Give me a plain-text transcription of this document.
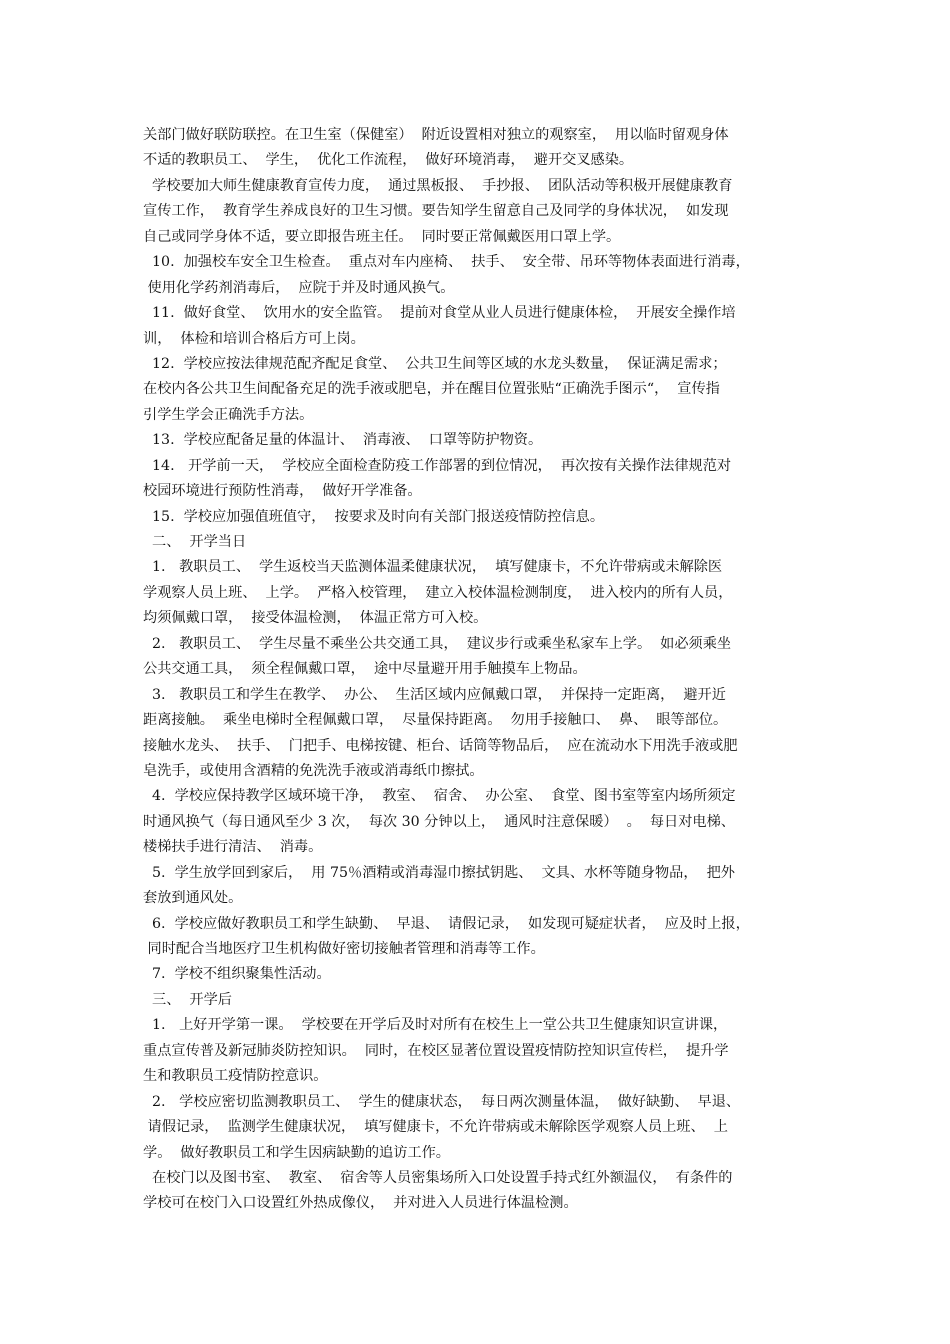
关部门做好联防联控。在卫生室（保健室）  附近设置相对独立的观察室，  用以临时留观身体
不适的教职员工、  学生，  优化工作流程，  做好环境消毒，  避开交叉感染。
学校要加大师生健康教育宣传力度，  通过黑板报、  手抄报、  团队活动等积极开展健康教育
宣传工作，  教育学生养成良好的卫生习惯。要告知学生留意自己及同学的身体状况，  如发现
自己或同学身体不适，要立即报告班主任。  同时要正常佩戴医用口罩上学。
10.  加强校车安全卫生检查。  重点对车内座椅、  扶手、  安全带、吊环等物体表面进行消毒，
使用化学药剂消毒后，  应院于并及时通风换气。
11.  做好食堂、  饮用水的安全监管。  提前对食堂从业人员进行健康体检，  开展安全操作培
训，  体检和培训合格后方可上岗。
12.  学校应按法律规范配齐配足食堂、  公共卫生间等区域的水龙头数量，  保证满足需求；
在校内各公共卫生间配备充足的洗手液或肥皂，并在醒目位置张贴“正确洗手图示“，  宣传指
引学生学会正确洗手方法。
13.  学校应配备足量的体温计、  消毒液、  口罩等防护物资。
14.   开学前一天，  学校应全面检查防疫工作部署的到位情况，  再次按有关操作法律规范对
校园环境进行预防性消毒，  做好开学准备。
15.  学校应加强值班值守，  按要求及时向有关部门报送疫情防控信息。
二、  开学当日
1.   教职员工、  学生返校当天监测体温柔健康状况，  填写健康卡，不允许带病或未解除医
学观察人员上班、  上学。  严格入校管理，  建立入校体温检测制度，  进入校内的所有人员，
均须佩戴口罩，  接受体温检测，  体温正常方可入校。
2.   教职员工、  学生尽量不乘坐公共交通工具，  建议步行或乘坐私家车上学。  如必须乘坐
公共交通工具，  须全程佩戴口罩，  途中尽量避开用手触摸车上物品。
3.   教职员工和学生在教学、  办公、  生活区域内应佩戴口罩，  并保持一定距离，  避开近
距离接触。  乘坐电梯时全程佩戴口罩，  尽量保持距离。  勿用手接触口、  鼻、  眼等部位。
接触水龙头、  扶手、  门把手、电梯按键、柜台、话筒等物品后，  应在流动水下用洗手液或肥
皂洗手，或使用含酒精的免洗洗手液或消毒纸巾擦拭。
4.  学校应保持教学区域环境干净，  教室、  宿舍、  办公室、  食堂、图书室等室内场所须定
时通风换气（每日通风至少 3 次，  每次 30 分钟以上，  通风时注意保暖）  。  每日对电梯、
楼梯扶手进行清洁、  消毒。
5.  学生放学回到家后，  用 75％酒精或消毒湿巾擦拭钥匙、  文具、水杯等随身物品，  把外
套放到通风处。
6.  学校应做好教职员工和学生缺勤、  早退、  请假记录，  如发现可疑症状者，  应及时上报，
同时配合当地医疗卫生机构做好密切接触者管理和消毒等工作。
7.  学校不组织聚集性活动。
三、  开学后
1.   上好开学第一课。  学校要在开学后及时对所有在校生上一堂公共卫生健康知识宣讲课，
重点宣传普及新冠肺炎防控知识。  同时，在校区显著位置设置疫情防控知识宣传栏，  提升学
生和教职员工疫情防控意识。
2.   学校应密切监测教职员工、  学生的健康状态，  每日两次测量体温，  做好缺勤、  早退、
请假记录，  监测学生健康状况，  填写健康卡，不允许带病或未解除医学观察人员上班、  上
学。  做好教职员工和学生因病缺勤的追访工作。
在校门以及图书室、  教室、  宿舍等人员密集场所入口处设置手持式红外额温仪，  有条件的
学校可在校门入口设置红外热成像仪，  并对进入人员进行体温检测。
